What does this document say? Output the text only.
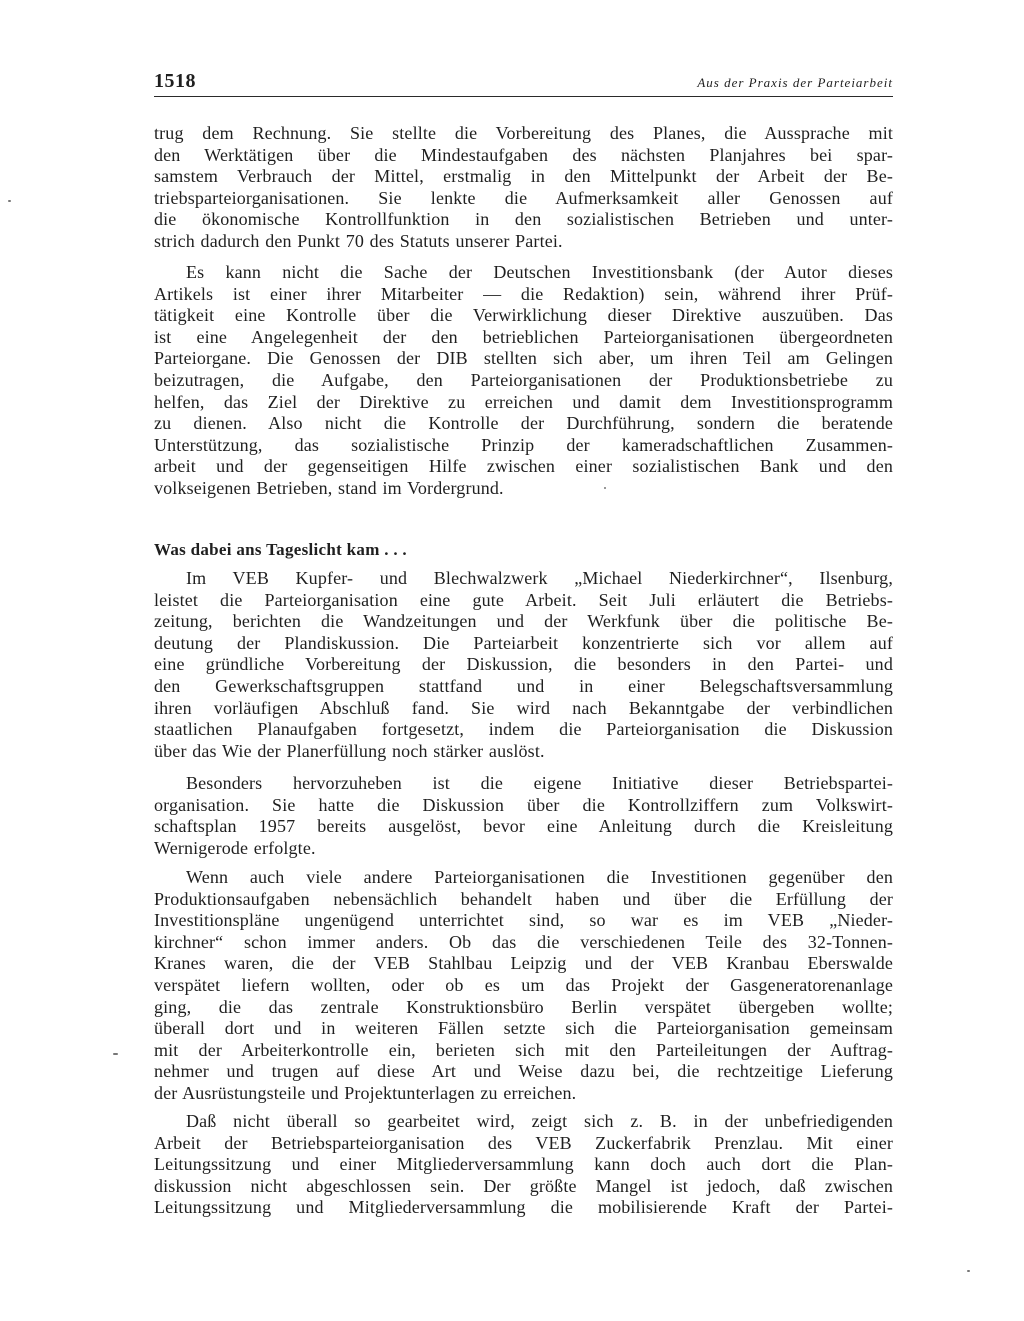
1518	Aus der Praxis der Parteiarbeit

trug dem Rechnung. Sie stellte die Vorbereitung des Planes, die Aussprache mit
den Werktätigen über die Mindestaufgaben des nächsten Planjahres bei spar-
samstem Verbrauch der Mittel, erstmalig in den Mittelpunkt der Arbeit der Be-
triebsparteiorganisationen. Sie lenkte die Aufmerksamkeit aller Genossen auf
die ökonomische Kontrollfunktion in den sozialistischen Betrieben und unter-
strich dadurch den Punkt 70 des Statuts unserer Partei.

Es kann nicht die Sache der Deutschen Investitionsbank (der Autor dieses
Artikels ist einer ihrer Mitarbeiter — die Redaktion) sein, während ihrer Prüf-
tätigkeit eine Kontrolle über die Verwirklichung dieser Direktive auszuüben. Das
ist eine Angelegenheit der den betrieblichen Parteiorganisationen übergeordneten
Parteiorgane. Die Genossen der DIB stellten sich aber, um ihren Teil am Gelingen
beizutragen, die Aufgabe, den Parteiorganisationen der Produktionsbetriebe zu
helfen, das Ziel der Direktive zu erreichen und damit dem Investitionsprogramm
zu dienen. Also nicht die Kontrolle der Durchführung, sondern die beratende
Unterstützung, das sozialistische Prinzip der kameradschaftlichen Zusammen-
arbeit und der gegenseitigen Hilfe zwischen einer sozialistischen Bank und den
volkseigenen Betrieben, stand im Vordergrund.

Was dabei ans Tageslicht kam . . .

Im VEB Kupfer- und Blechwalzwerk „Michael Niederkirchner“, Ilsenburg,
leistet die Parteiorganisation eine gute Arbeit. Seit Juli erläutert die Betriebs-
zeitung, berichten die Wandzeitungen und der Werkfunk über die politische Be-
deutung der Plandiskussion. Die Parteiarbeit konzentrierte sich vor allem auf
eine gründliche Vorbereitung der Diskussion, die besonders in den Partei- und
den Gewerkschaftsgruppen stattfand und in einer Belegschaftsversammlung
ihren vorläufigen Abschluß fand. Sie wird nach Bekanntgabe der verbindlichen
staatlichen Planaufgaben fortgesetzt, indem die Parteiorganisation die Diskussion
über das Wie der Planerfüllung noch stärker auslöst.

Besonders hervorzuheben ist die eigene Initiative dieser Betriebspartei-
organisation. Sie hatte die Diskussion über die Kontrollziffern zum Volkswirt-
schaftsplan 1957 bereits ausgelöst, bevor eine Anleitung durch die Kreisleitung
Wernigerode erfolgte.

Wenn auch viele andere Parteiorganisationen die Investitionen gegenüber den
Produktionsaufgaben nebensächlich behandelt haben und über die Erfüllung der
Investitionspläne ungenügend unterrichtet sind, so war es im VEB „Nieder-
kirchner“ schon immer anders. Ob das die verschiedenen Teile des 32-Tonnen-
Kranes waren, die der VEB Stahlbau Leipzig und der VEB Kranbau Eberswalde
verspätet liefern wollten, oder ob es um das Projekt der Gasgeneratorenanlage
ging, die das zentrale Konstruktionsbüro Berlin verspätet übergeben wollte;
überall dort und in weiteren Fällen setzte sich die Parteiorganisation gemeinsam
mit der Arbeiterkontrolle ein, berieten sich mit den Parteileitungen der Auftrag-
nehmer und trugen auf diese Art und Weise dazu bei, die rechtzeitige Lieferung
der Ausrüstungsteile und Projektunterlagen zu erreichen.

Daß nicht überall so gearbeitet wird, zeigt sich z. B. in der unbefriedigenden
Arbeit der Betriebsparteiorganisation des VEB Zuckerfabrik Prenzlau. Mit einer
Leitungssitzung und einer Mitgliederversammlung kann doch auch dort die Plan-
diskussion nicht abgeschlossen sein. Der größte Mangel ist jedoch, daß zwischen
Leitungssitzung und Mitgliederversammlung die mobilisierende Kraft der Partei-
